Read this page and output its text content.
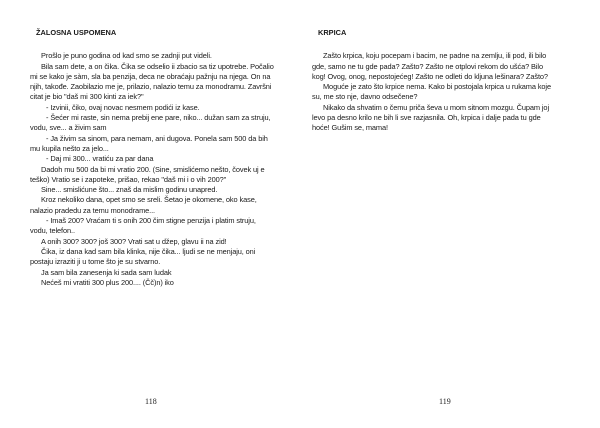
ŽALOSNA USPOMENA

Prošlo je puno godina od kad smo se zadnji put videli.

Bila sam dete, a on čika. Čika se odselio ii zbacio sa tiz upotrebe. Počalio mi se kako je sàm, sla ba penzija, deca ne obraćaju pažnju na njega. On na njih, takođe. Zaobilazio me je, prilazio, nalazio temu za monodramu. Završni citat je bio "daš mi 300 kinti za iek?"

- Izvinii, čiko, ovaj novac nesmem podići iz kase.

- Šećer mi raste, sin nema prebij ene pare, niko... dužan sam za struju, vodu, sve... a živim sam

- Ja živim sa sinom, para nemam, ani dugova. Ponela sam 500 da bih mu kupila nešto za jelo...

- Daj mi 300... vratiću za par dana

Dadoh mu 500 da bi mi vratio 200. (Sine, smislićemo nešto, čovek uj e teško) Vratio se i zapoteke, prišao, rekao "daš mi i o vih 200?"

Sine... smislićune što... znaš da mislim godinu unapred.

Kroz nekoliko dana, opet smo se sreli. Šetao je okomene, oko kase, nalazio pradedu za temu monodrame...

- Imaš 200? Vraćam ti s onih 200 čim stigne penzija i platim struju, vodu, telefon..

A onih 300? 300? još 300? Vrati sat u džep, glavu ii na zid!

Čika, iz dana kad sam bila klinka, nije čika... ljudi se ne menjaju, oni postaju izraziti ji u tome što je su stvarno.

Ja sam bila zanesenja ki sada sam ludak

Nećeš mi vratiti 300 plus 200.... (Čč)n) iko

118
KRPICA

Zašto krpica, koju pocepam i bacim, ne padne na zemlju, ili pod, ili bilo gde, samo ne tu gde pada? Zašto? Zašto ne otplovi rekom do ušća? Bilo kog! Ovog, onog, nepostojećeg! Zašto ne odleti do kljuna lešinara? Zašto?

Moguće je zato što krpice nema. Kako bi postojala krpica u rukama koje su, me sto nje, davno odsečene?

Nikako da shvatim o čemu priča ševa u mom sitnom mozgu. Čupam joj levo pa desno krilo ne bih li sve razjasnila. Oh, krpica i dalje pada tu gde hoće! Gušim se, mama!

119
